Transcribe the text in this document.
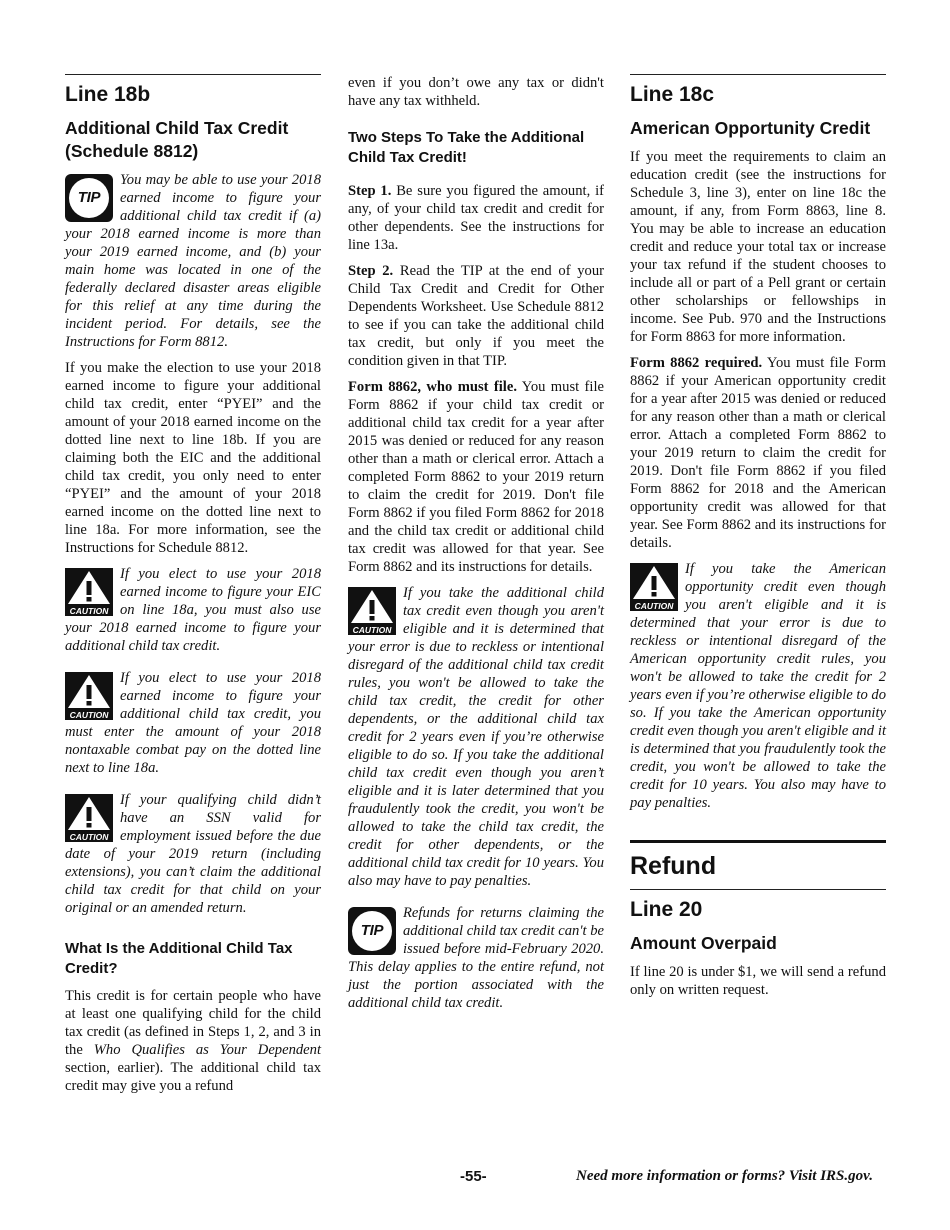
Line 18b
Additional Child Tax Credit (Schedule 8812)
TIP
You may be able to use your 2018 earned income to figure your additional child tax credit if (a) your 2018 earned income is more than your 2019 earned income, and (b) your main home was located in one of the federally declared disaster areas eligible for this relief at any time during the incident period. For details, see the Instructions for Form 8812.

If you make the election to use your 2018 earned income to figure your additional child tax credit, enter “PYEI” and the amount of your 2018 earned income on the dotted line next to line 18b. If you are claiming both the EIC and the additional child tax credit, you only need to enter “PYEI” and the amount of your 2018 earned income on the dotted line next to line 18a. For more information, see the Instructions for Schedule 8812.

CAUTION
If you elect to use your 2018 earned income to figure your EIC on line 18a, you must also use your 2018 earned income to figure your additional child tax credit.
CAUTION
If you elect to use your 2018 earned income to figure your additional child tax credit, you must enter the amount of your 2018 nontaxable combat pay on the dotted line next to line 18a.
CAUTION
If your qualifying child didn’t have an SSN valid for employment issued before the due date of your 2019 return (including extensions), you can’t claim the additional child tax credit for that child on your original or an amended return.
What Is the Additional Child Tax Credit?

This credit is for certain people who have at least one qualifying child for the child tax credit (as defined in Steps 1, 2, and 3 in the Who Qualifies as Your Dependent section, earlier). The additional child tax credit may give you a refund

even if you don’t owe any tax or didn't have any tax withheld.

Two Steps To Take the Additional Child Tax Credit!

Step 1. Be sure you figured the amount, if any, of your child tax credit and credit for other dependents. See the instructions for line 13a.

Step 2. Read the TIP at the end of your Child Tax Credit and Credit for Other Dependents Worksheet. Use Schedule 8812 to see if you can take the additional child tax credit, but only if you meet the condition given in that TIP.

Form 8862, who must file. You must file Form 8862 if your child tax credit or additional child tax credit for a year after 2015 was denied or reduced for any reason other than a math or clerical error. Attach a completed Form 8862 to your 2019 return to claim the credit for 2019. Don't file Form 8862 if you filed Form 8862 for 2018 and the child tax credit or additional child tax credit was allowed for that year. See Form 8862 and its instructions for details.

CAUTION
If you take the additional child tax credit even though you aren't eligible and it is determined that your error is due to reckless or intentional disregard of the additional child tax credit rules, you won't be allowed to take the child tax credit, the credit for other dependents, or the additional child tax credit for 2 years even if you’re otherwise eligible to do so. If you take the additional child tax credit even though you aren’t eligible and it is later determined that you fraudulently took the credit, you won't be allowed to take the child tax credit, the credit for other dependents, or the additional child tax credit for 10 years. You also may have to pay penalties.
TIP
Refunds for returns claiming the additional child tax credit can't be issued before mid-February 2020. This delay applies to the entire refund, not just the portion associated with the additional child tax credit.
Line 18c
American Opportunity Credit

If you meet the requirements to claim an education credit (see the instructions for Schedule 3, line 3), enter on line 18c the amount, if any, from Form 8863, line 8. You may be able to increase an education credit and reduce your total tax or increase your tax refund if the student chooses to include all or part of a Pell grant or certain other scholarships or fellowships in income. See Pub. 970 and the Instructions for Form 8863 for more information.

Form 8862 required. You must file Form 8862 if your American opportunity credit for a year after 2015 was denied or reduced for any reason other than a math or clerical error. Attach a completed Form 8862 to your 2019 return to claim the credit for 2019. Don't file Form 8862 if you filed Form 8862 for 2018 and the American opportunity credit was allowed for that year. See Form 8862 and its instructions for details.

CAUTION
If you take the American opportunity credit even though you aren't eligible and it is determined that your error is due to reckless or intentional disregard of the American opportunity credit rules, you won't be allowed to take the credit for 2 years even if you’re otherwise eligible to do so. If you take the American opportunity credit even though you aren't eligible and it is determined that you fraudulently took the credit, you won't be allowed to take the credit for 10 years. You also may have to pay penalties.
Refund
Line 20
Amount Overpaid

If line 20 is under $1, we will send a refund only on written request.

-55-	Need more information or forms? Visit IRS.gov.
